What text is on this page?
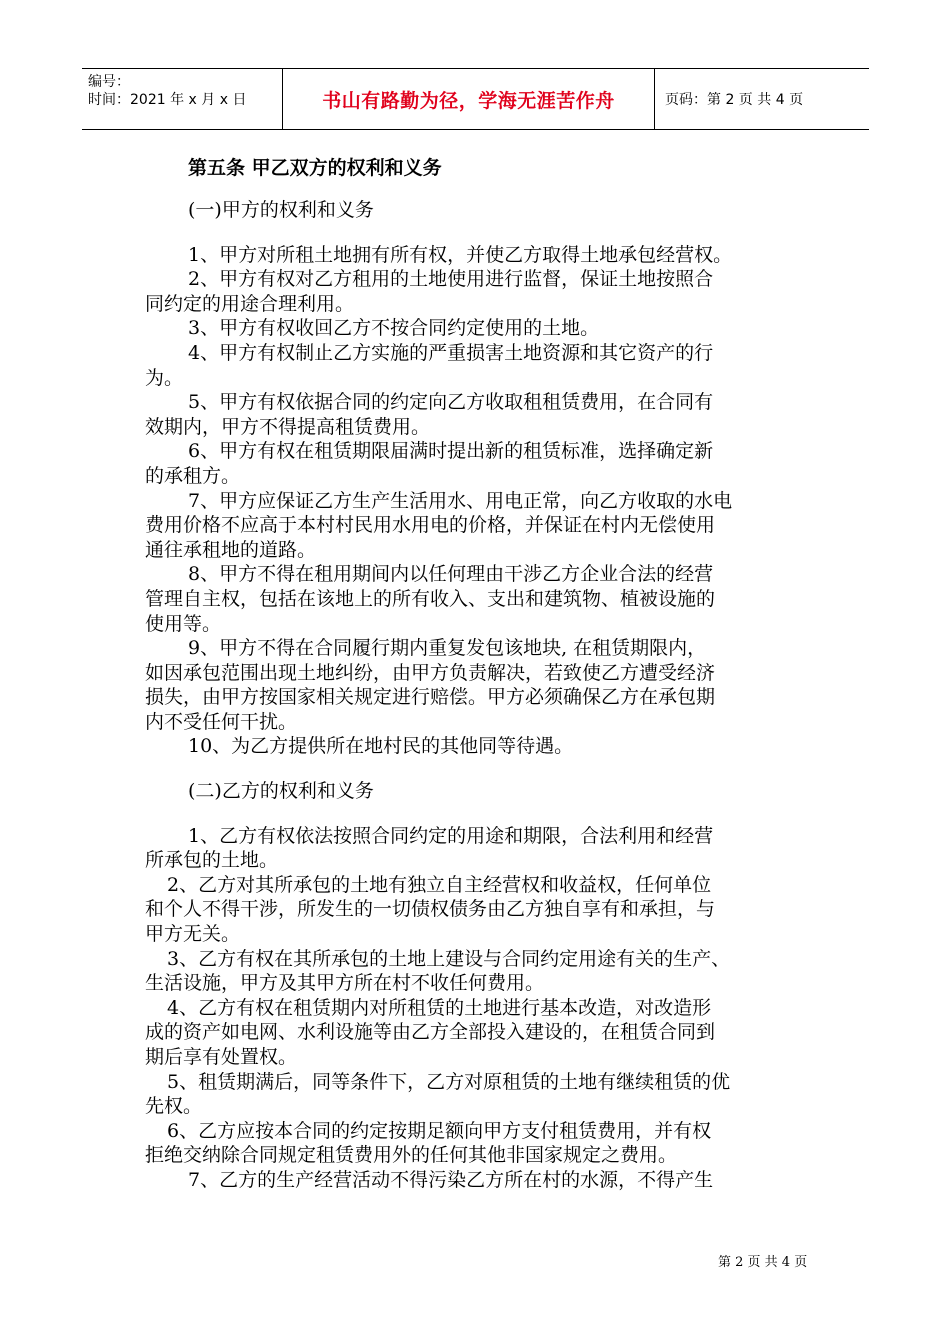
编号：
时间：2021 年 x 月 x 日	书山有路勤为径，学海无涯苦作舟	页码：第 2 页 共 4 页
第五条 甲乙双方的权利和义务
(一)甲方的权利和义务
1、甲方对所租土地拥有所有权，并使乙方取得土地承包经营权。
2、甲方有权对乙方租用的土地使用进行监督，保证土地按照合
同约定的用途合理利用。
3、甲方有权收回乙方不按合同约定使用的土地。
4、甲方有权制止乙方实施的严重损害土地资源和其它资产的行
为。
5、甲方有权依据合同的约定向乙方收取租租赁费用，在合同有
效期内，甲方不得提高租赁费用。
6、甲方有权在租赁期限届满时提出新的租赁标准，选择确定新
的承租方。
7、甲方应保证乙方生产生活用水、用电正常，向乙方收取的水电
费用价格不应高于本村村民用水用电的价格，并保证在村内无偿使用
通往承租地的道路。
8、甲方不得在租用期间内以任何理由干涉乙方企业合法的经营
管理自主权，包括在该地上的所有收入、支出和建筑物、植被设施的
使用等。
9、甲方不得在合同履行期内重复发包该地块, 在租赁期限内，
如因承包范围出现土地纠纷，由甲方负责解决，若致使乙方遭受经济
损失，由甲方按国家相关规定进行赔偿。甲方必须确保乙方在承包期
内不受任何干扰。
10、为乙方提供所在地村民的其他同等待遇。
(二)乙方的权利和义务
1、乙方有权依法按照合同约定的用途和期限，合法利用和经营
所承包的土地。
2、乙方对其所承包的土地有独立自主经营权和收益权，任何单位
和个人不得干涉，所发生的一切债权债务由乙方独自享有和承担，与
甲方无关。
3、乙方有权在其所承包的土地上建设与合同约定用途有关的生产、
生活设施，甲方及其甲方所在村不收任何费用。
4、乙方有权在租赁期内对所租赁的土地进行基本改造，对改造形
成的资产如电网、水利设施等由乙方全部投入建设的，在租赁合同到
期后享有处置权。
5、租赁期满后，同等条件下，乙方对原租赁的土地有继续租赁的优
先权。
6、乙方应按本合同的约定按期足额向甲方支付租赁费用，并有权
拒绝交纳除合同规定租赁费用外的任何其他非国家规定之费用。
7、乙方的生产经营活动不得污染乙方所在村的水源，不得产生
第 2 页 共 4 页
